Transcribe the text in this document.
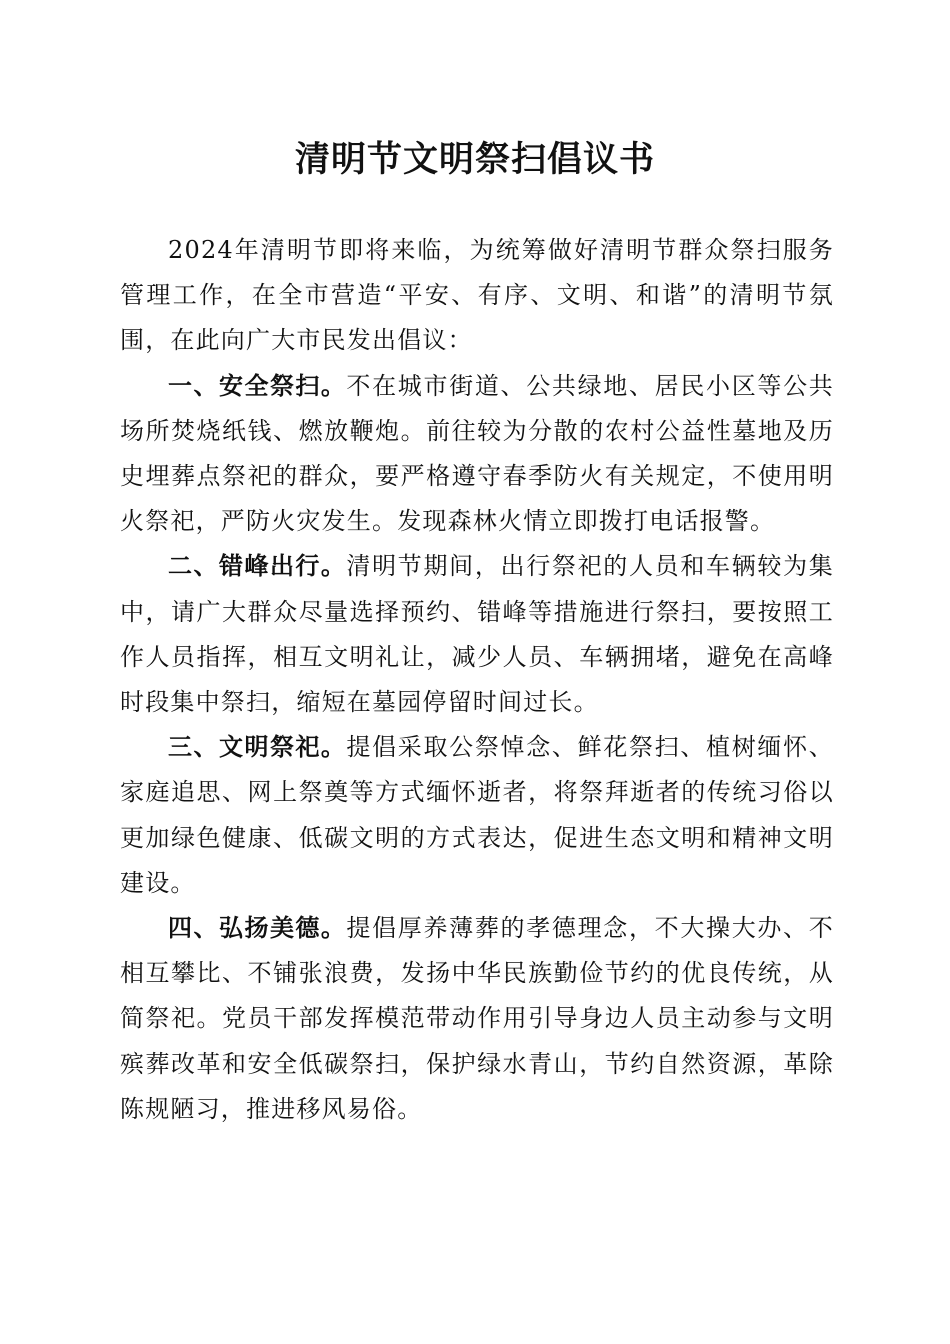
清明节文明祭扫倡议书

2024年清明节即将来临，为统筹做好清明节群众祭扫服务管理工作，在全市营造“平安、有序、文明、和谐”的清明节氛围，在此向广大市民发出倡议：

一、安全祭扫。不在城市街道、公共绿地、居民小区等公共场所焚烧纸钱、燃放鞭炮。前往较为分散的农村公益性墓地及历史埋葬点祭祀的群众，要严格遵守春季防火有关规定，不使用明火祭祀，严防火灾发生。发现森林火情立即拨打电话报警。

二、错峰出行。清明节期间，出行祭祀的人员和车辆较为集中，请广大群众尽量选择预约、错峰等措施进行祭扫，要按照工作人员指挥，相互文明礼让，减少人员、车辆拥堵，避免在高峰时段集中祭扫，缩短在墓园停留时间过长。

三、文明祭祀。提倡采取公祭悼念、鲜花祭扫、植树缅怀、家庭追思、网上祭奠等方式缅怀逝者，将祭拜逝者的传统习俗以更加绿色健康、低碳文明的方式表达，促进生态文明和精神文明建设。

四、弘扬美德。提倡厚养薄葬的孝德理念，不大操大办、不相互攀比、不铺张浪费，发扬中华民族勤俭节约的优良传统，从简祭祀。党员干部发挥模范带动作用引导身边人员主动参与文明殡葬改革和安全低碳祭扫，保护绿水青山，节约自然资源，革除陈规陋习，推进移风易俗。
